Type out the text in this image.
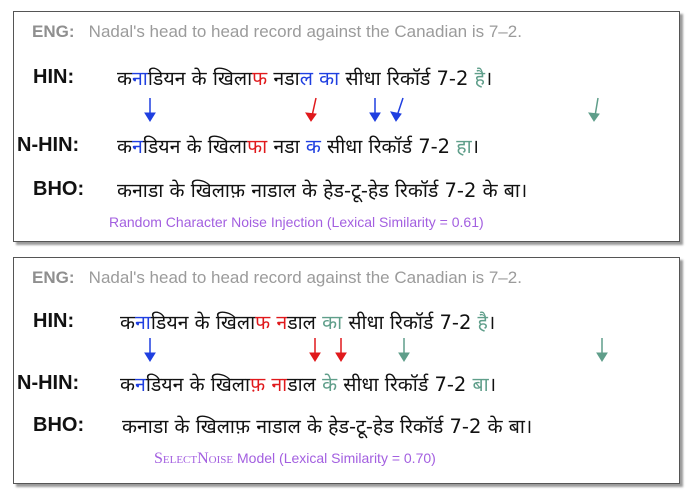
ENG: Nadal's head to head record against the Canadian is 7–2.
HIN: कनाडियन के खिलाफ नडाल का सीधा रिकॉर्ड 7-2 है।
N-HIN: कनडियन के खिलाफा नडा क सीधा रिकॉर्ड 7-2 हा।
BHO: कनाडा के खिलाफ़ नाडाल के हेड-टू-हेड रिकॉर्ड 7-2 के बा।
Random Character Noise Injection (Lexical Similarity = 0.61)
ENG: Nadal's head to head record against the Canadian is 7–2.
HIN: कनाडियन के खिलाफ नडाल का सीधा रिकॉर्ड 7-2 है।
N-HIN: कनडियन के खिलाफ़ नाडाल के सीधा रिकॉर्ड 7-2 बा।
BHO: कनाडा के खिलाफ़ नाडाल के हेड-टू-हेड रिकॉर्ड 7-2 के बा।
SelectNoise Model (Lexical Similarity = 0.70)
